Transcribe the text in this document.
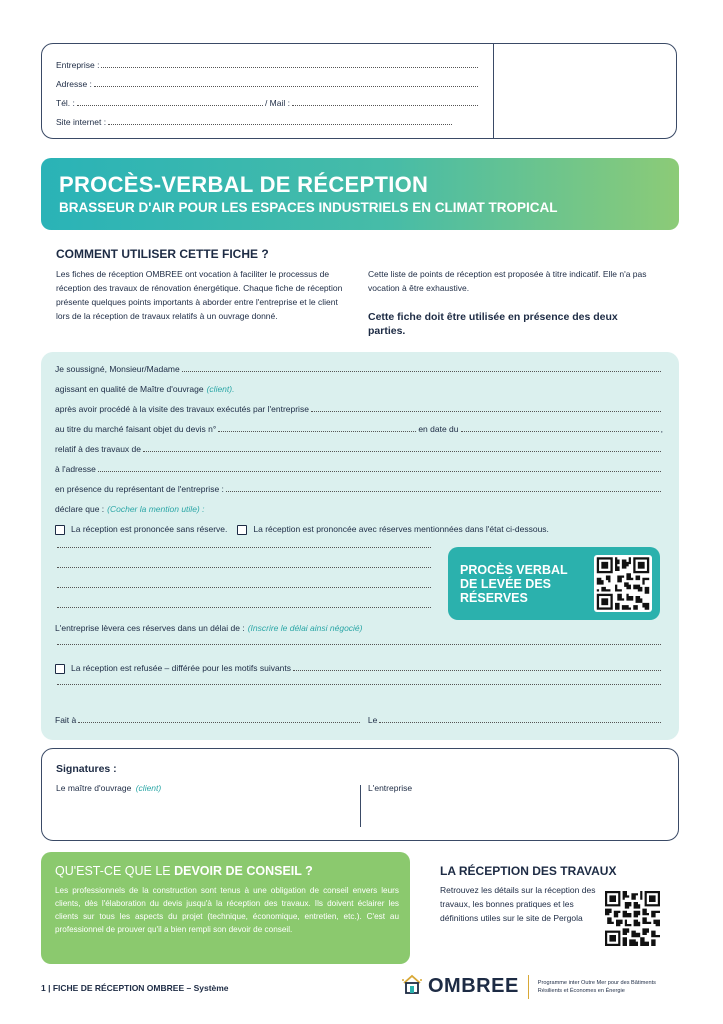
Entreprise :
Adresse :
Tél. :	/ Mail :
Site internet :
PROCÈS-VERBAL DE RÉCEPTION
BRASSEUR D'AIR POUR LES ESPACES INDUSTRIELS EN CLIMAT TROPICAL
COMMENT UTILISER CETTE FICHE ?
Les fiches de réception OMBREE ont vocation à faciliter le processus de réception des travaux de rénovation énergétique. Chaque fiche de réception présente quelques points importants à aborder entre l'entreprise et le client lors de la réception de travaux relatifs à un ouvrage donné.
Cette liste de points de réception est proposée à titre indicatif. Elle n'a pas vocation à être exhaustive.
Cette fiche doit être utilisée en présence des deux parties.
Je soussigné, Monsieur/Madame
agissant en qualité de Maître d'ouvrage (client).
après avoir procédé à la visite des travaux exécutés par l'entreprise
au titre du marché faisant objet du devis n°	en date du	,
relatif à des travaux de
à l'adresse
en présence du représentant de l'entreprise :
déclare que : (Cocher la mention utile) :
La réception est prononcée sans réserve.	La réception est prononcée avec réserves mentionnées dans l'état ci-dessous.
PROCÈS VERBAL DE LEVÉE DES RÉSERVES
L'entreprise lèvera ces réserves dans un délai de : (Inscrire le délai ainsi négocié)
La réception est refusée – différée pour les motifs suivants
Fait à	Le
Signatures :
Le maître d'ouvrage (client)	L'entreprise
QU'EST-CE QUE LE DEVOIR DE CONSEIL ?
Les professionnels de la construction sont tenus à une obligation de conseil envers leurs clients, dès l'élaboration du devis jusqu'à la réception des travaux. Ils doivent éclairer les clients sur tous les aspects du projet (technique, économique, entretien, etc.). C'est au professionnel de prouver qu'il a bien rempli son devoir de conseil.
LA RÉCEPTION DES TRAVAUX
Retrouvez les détails sur la réception des travaux, les bonnes pratiques et les définitions utiles sur le site de Pergola
1 | FICHE DE RÉCEPTION OMBREE – Système	OMBREE	Programme inter Outre Mer pour des Bâtiments
Résilients et Économes en Énergie
